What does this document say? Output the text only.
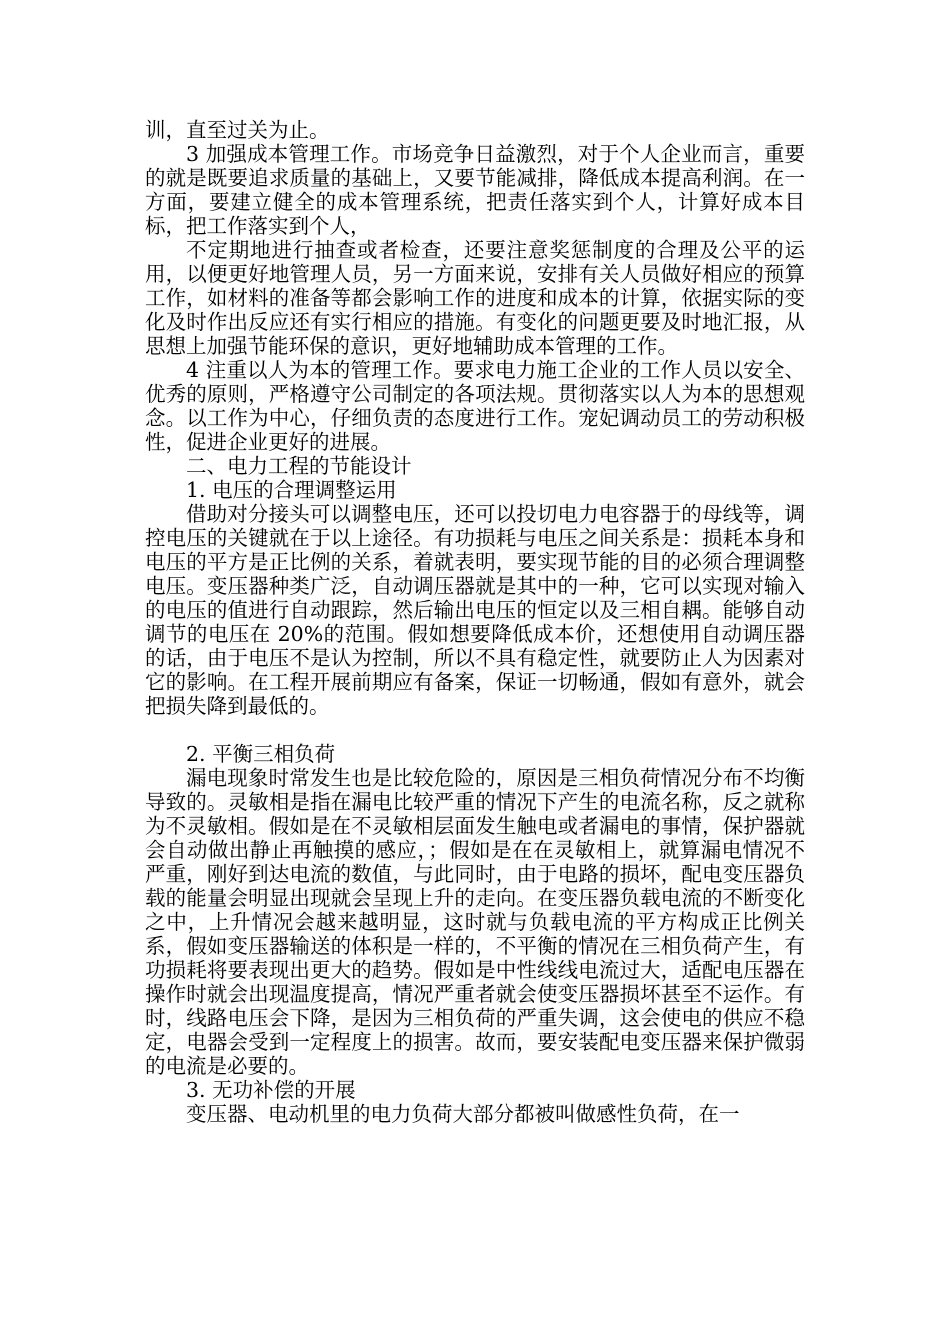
训，直至过关为止。

3 加强成本管理工作。市场竞争日益激烈，对于个人企业而言，重要的就是既要追求质量的基础上，又要节能减排，降低成本提高利润。在一方面，要建立健全的成本管理系统，把责任落实到个人，计算好成本目标，把工作落实到个人，

不定期地进行抽查或者检查，还要注意奖惩制度的合理及公平的运用，以便更好地管理人员，另一方面来说，安排有关人员做好相应的预算工作，如材料的准备等都会影响工作的进度和成本的计算，依据实际的变化及时作出反应还有实行相应的措施。有变化的问题更要及时地汇报，从思想上加强节能环保的意识，更好地辅助成本管理的工作。

4 注重以人为本的管理工作。要求电力施工企业的工作人员以安全、优秀的原则，严格遵守公司制定的各项法规。贯彻落实以人为本的思想观念。以工作为中心，仔细负责的态度进行工作。宠妃调动员工的劳动积极性，促进企业更好的进展。

二、电力工程的节能设计

1. 电压的合理调整运用

借助对分接头可以调整电压，还可以投切电力电容器于的母线等，调控电压的关键就在于以上途径。有功损耗与电压之间关系是：损耗本身和电压的平方是正比例的关系，着就表明，要实现节能的目的必须合理调整电压。变压器种类广泛，自动调压器就是其中的一种，它可以实现对输入的电压的值进行自动跟踪，然后输出电压的恒定以及三相自耦。能够自动调节的电压在 20%的范围。假如想要降低成本价，还想使用自动调压器的话，由于电压不是认为控制，所以不具有稳定性，就要防止人为因素对它的影响。在工程开展前期应有备案，保证一切畅通，假如有意外，就会把损失降到最低的。

2. 平衡三相负荷

漏电现象时常发生也是比较危险的，原因是三相负荷情况分布不均衡导致的。灵敏相是指在漏电比较严重的情况下产生的电流名称，反之就称为不灵敏相。假如是在不灵敏相层面发生触电或者漏电的事情，保护器就会自动做出静止再触摸的感应，；假如是在在灵敏相上，就算漏电情况不严重，刚好到达电流的数值，与此同时，由于电路的损坏，配电变压器负载的能量会明显出现就会呈现上升的走向。在变压器负载电流的不断变化之中，上升情况会越来越明显，这时就与负载电流的平方构成正比例关系，假如变压器输送的体积是一样的，不平衡的情况在三相负荷产生，有功损耗将要表现出更大的趋势。假如是中性线线电流过大，适配电压器在操作时就会出现温度提高，情况严重者就会使变压器损坏甚至不运作。有时，线路电压会下降，是因为三相负荷的严重失调，这会使电的供应不稳定，电器会受到一定程度上的损害。故而，要安装配电变压器来保护微弱的电流是必要的。

3. 无功补偿的开展

变压器、电动机里的电力负荷大部分都被叫做感性负荷，在一
